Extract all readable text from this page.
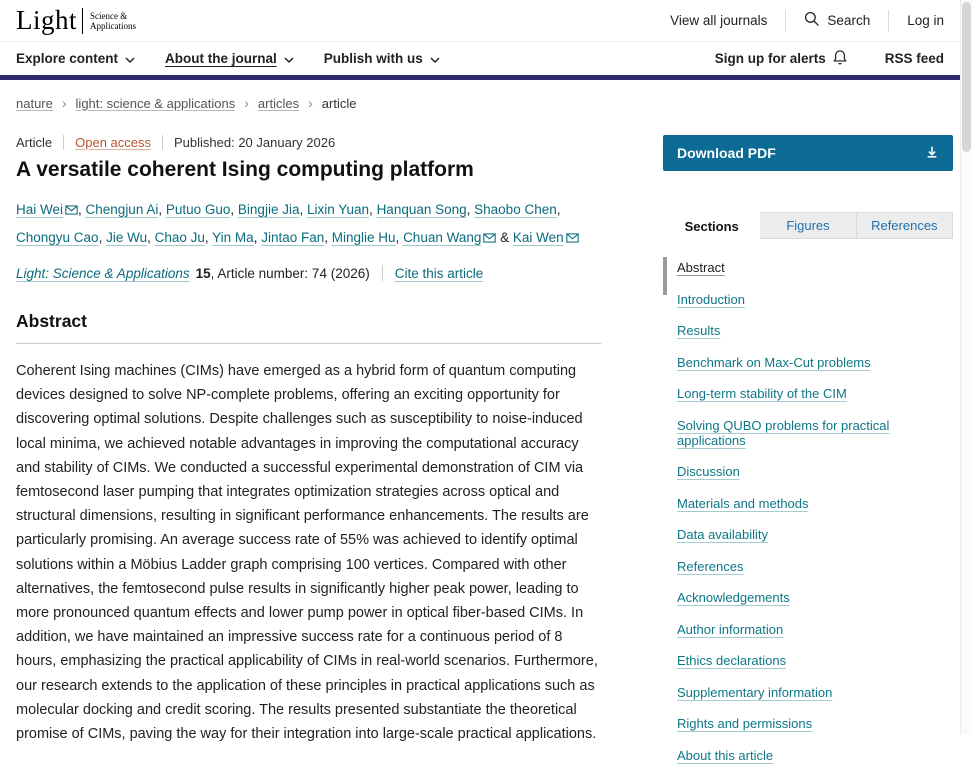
Light Science &
Applications	View all journals	Search	Log in
Explore content	About the journal	Publish with us	Sign up for alerts	RSS feed
nature › light: science & applications › articles › article
Article Open access Published: 20 January 2026
A versatile coherent Ising computing platform

Hai Wei , Chengjun Ai, Putuo Guo, Bingjie Jia, Lixin Yuan, Hanquan Song, Shaobo Chen, Chongyu Cao, Jie Wu, Chao Ju, Yin Ma, Jintao Fan, Minglie Hu, Chuan Wang & Kai Wen

Light: Science & Applications 15 , Article number: 74 (2026) Cite this article
Abstract

Coherent Ising machines (CIMs) have emerged as a hybrid form of quantum computing devices designed to solve NP-complete problems, offering an exciting opportunity for discovering optimal solutions. Despite challenges such as susceptibility to noise-induced local minima, we achieved notable advantages in improving the computational accuracy and stability of CIMs. We conducted a successful experimental demonstration of CIM via femtosecond laser pumping that integrates optimization strategies across optical and structural dimensions, resulting in significant performance enhancements. The results are particularly promising. An average success rate of 55% was achieved to identify optimal solutions within a Möbius Ladder graph comprising 100 vertices. Compared with other alternatives, the femtosecond pulse results in significantly higher peak power, leading to more pronounced quantum effects and lower pump power in optical fiber-based CIMs. In addition, we have maintained an impressive success rate for a continuous period of 8 hours, emphasizing the practical applicability of CIMs in real-world scenarios. Furthermore, our research extends to the application of these principles in practical applications such as molecular docking and credit scoring. The results presented substantiate the theoretical promise of CIMs, paving the way for their integration into large-scale practical applications.

Download PDF
Sections	Figures	References
Abstract
Introduction
Results
Benchmark on Max-Cut problems
Long-term stability of the CIM
Solving QUBO problems for practical applications
Discussion
Materials and methods
Data availability
References
Acknowledgements
Author information
Ethics declarations
Supplementary information
Rights and permissions
About this article
